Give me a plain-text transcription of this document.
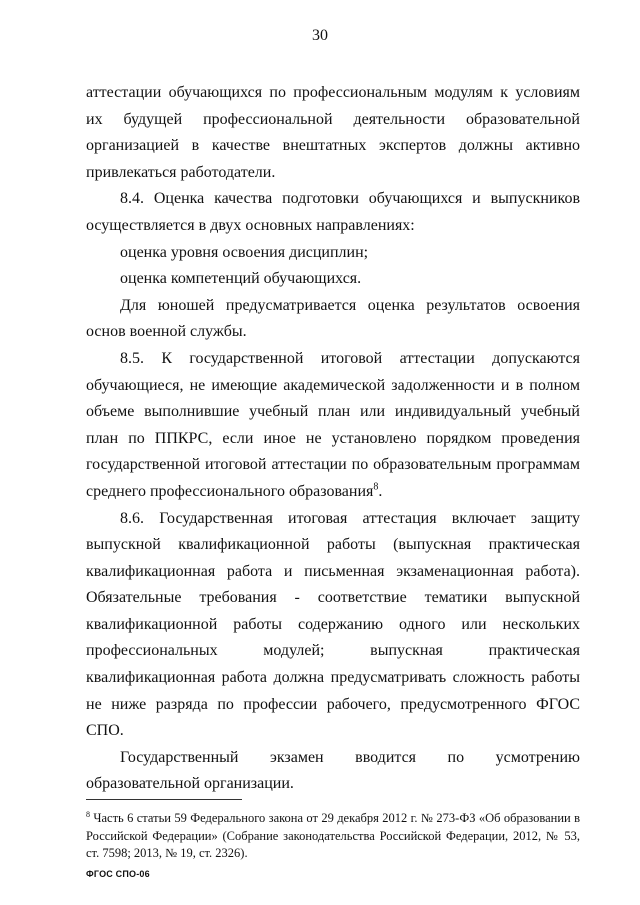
30

аттестации обучающихся по профессиональным модулям к условиям их будущей профессиональной деятельности образовательной организацией в качестве внештатных экспертов должны активно привлекаться работодатели.

8.4. Оценка качества подготовки обучающихся и выпускников осуществляется в двух основных направлениях:

оценка уровня освоения дисциплин;

оценка компетенций обучающихся.

Для юношей предусматривается оценка результатов освоения основ военной службы.

8.5. К государственной итоговой аттестации допускаются обучающиеся, не имеющие академической задолженности и в полном объеме выполнившие учебный план или индивидуальный учебный план по ППКРС, если иное не установлено порядком проведения государственной итоговой аттестации по образовательным программам среднего профессионального образования$^8$.

8.6. Государственная итоговая аттестация включает защиту выпускной квалификационной работы (выпускная практическая квалификационная работа и письменная экзаменационная работа). Обязательные требования - соответствие тематики выпускной квалификационной работы содержанию одного или нескольких профессиональных модулей; выпускная практическая квалификационная работа должна предусматривать сложность работы не ниже разряда по профессии рабочего, предусмотренного ФГОС СПО.

Государственный экзамен вводится по усмотрению образовательной организации.

$^8$ Часть 6 статьи 59 Федерального закона от 29 декабря 2012 г. № 273-ФЗ «Об образовании в Российской Федерации» (Собрание законодательства Российской Федерации, 2012, № 53, ст. 7598; 2013, № 19, ст. 2326).

ФГОС СПО-06
